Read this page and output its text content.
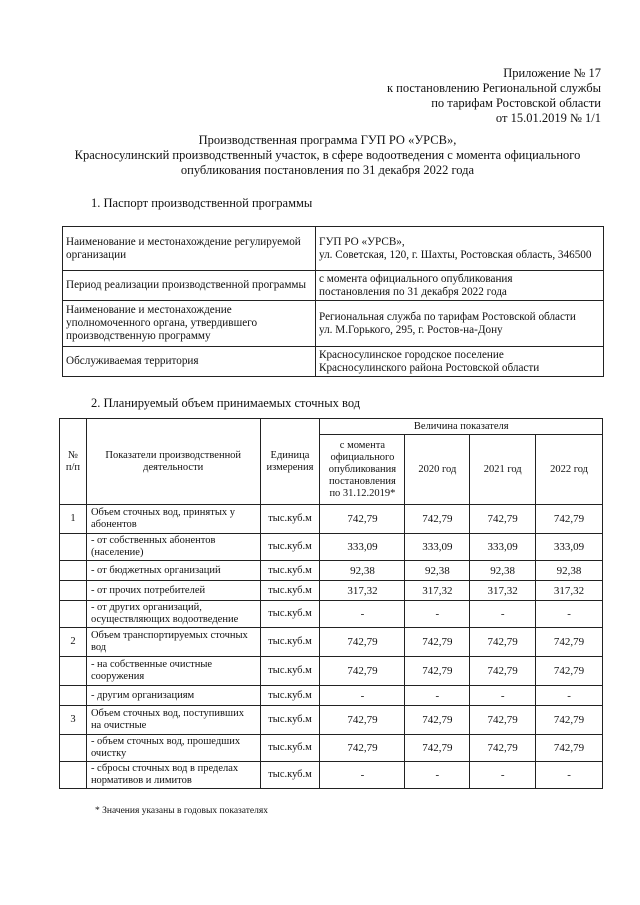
Приложение № 17
к постановлению Региональной службы
по тарифам Ростовской области
от 15.01.2019 № 1/1
Производственная программа ГУП РО «УРСВ»,
Красносулинский производственный участок, в сфере водоотведения с момента официального
опубликования постановления по 31 декабря 2022 года
1. Паспорт производственной программы
Наименование и местонахождение регулируемой организации	ГУП РО «УРСВ»,
ул. Советская, 120, г. Шахты, Ростовская область, 346500

Период реализации производственной программы	с момента официального опубликования
постановления по 31 декабря 2022 года

Наименование и местонахождение уполномоченного органа, утвердившего производственную программу	Региональная служба по тарифам Ростовской области
ул. М.Горького, 295, г. Ростов-на-Дону

Обслуживаемая территория	Красносулинское городское поселение
Красносулинского района Ростовской области
2. Планируемый объем принимаемых сточных вод
№ п/п	Показатели производственной деятельности	Единица измерения	Величина показателя			
			с момента официального опубликования постановления по 31.12.2019*	2020 год	2021 год	2022 год
1	Объем сточных вод, принятых у абонентов	тыс.куб.м	742,79	742,79	742,79	742,79
	- от собственных абонентов (население)	тыс.куб.м	333,09	333,09	333,09	333,09
	- от бюджетных организаций	тыс.куб.м	92,38	92,38	92,38	92,38
	- от прочих потребителей	тыс.куб.м	317,32	317,32	317,32	317,32
	- от других организаций, осуществляющих водоотведение	тыс.куб.м	-	-	-	-
2	Объем транспортируемых сточных вод	тыс.куб.м	742,79	742,79	742,79	742,79
	- на собственные очистные сооружения	тыс.куб.м	742,79	742,79	742,79	742,79
	- другим организациям	тыс.куб.м	-	-	-	-
3	Объем сточных вод, поступивших на очистные	тыс.куб.м	742,79	742,79	742,79	742,79
	- объем сточных вод, прошедших очистку	тыс.куб.м	742,79	742,79	742,79	742,79
	- сбросы сточных вод в пределах нормативов и лимитов	тыс.куб.м	-	-	-	-
* Значения указаны в годовых показателях
